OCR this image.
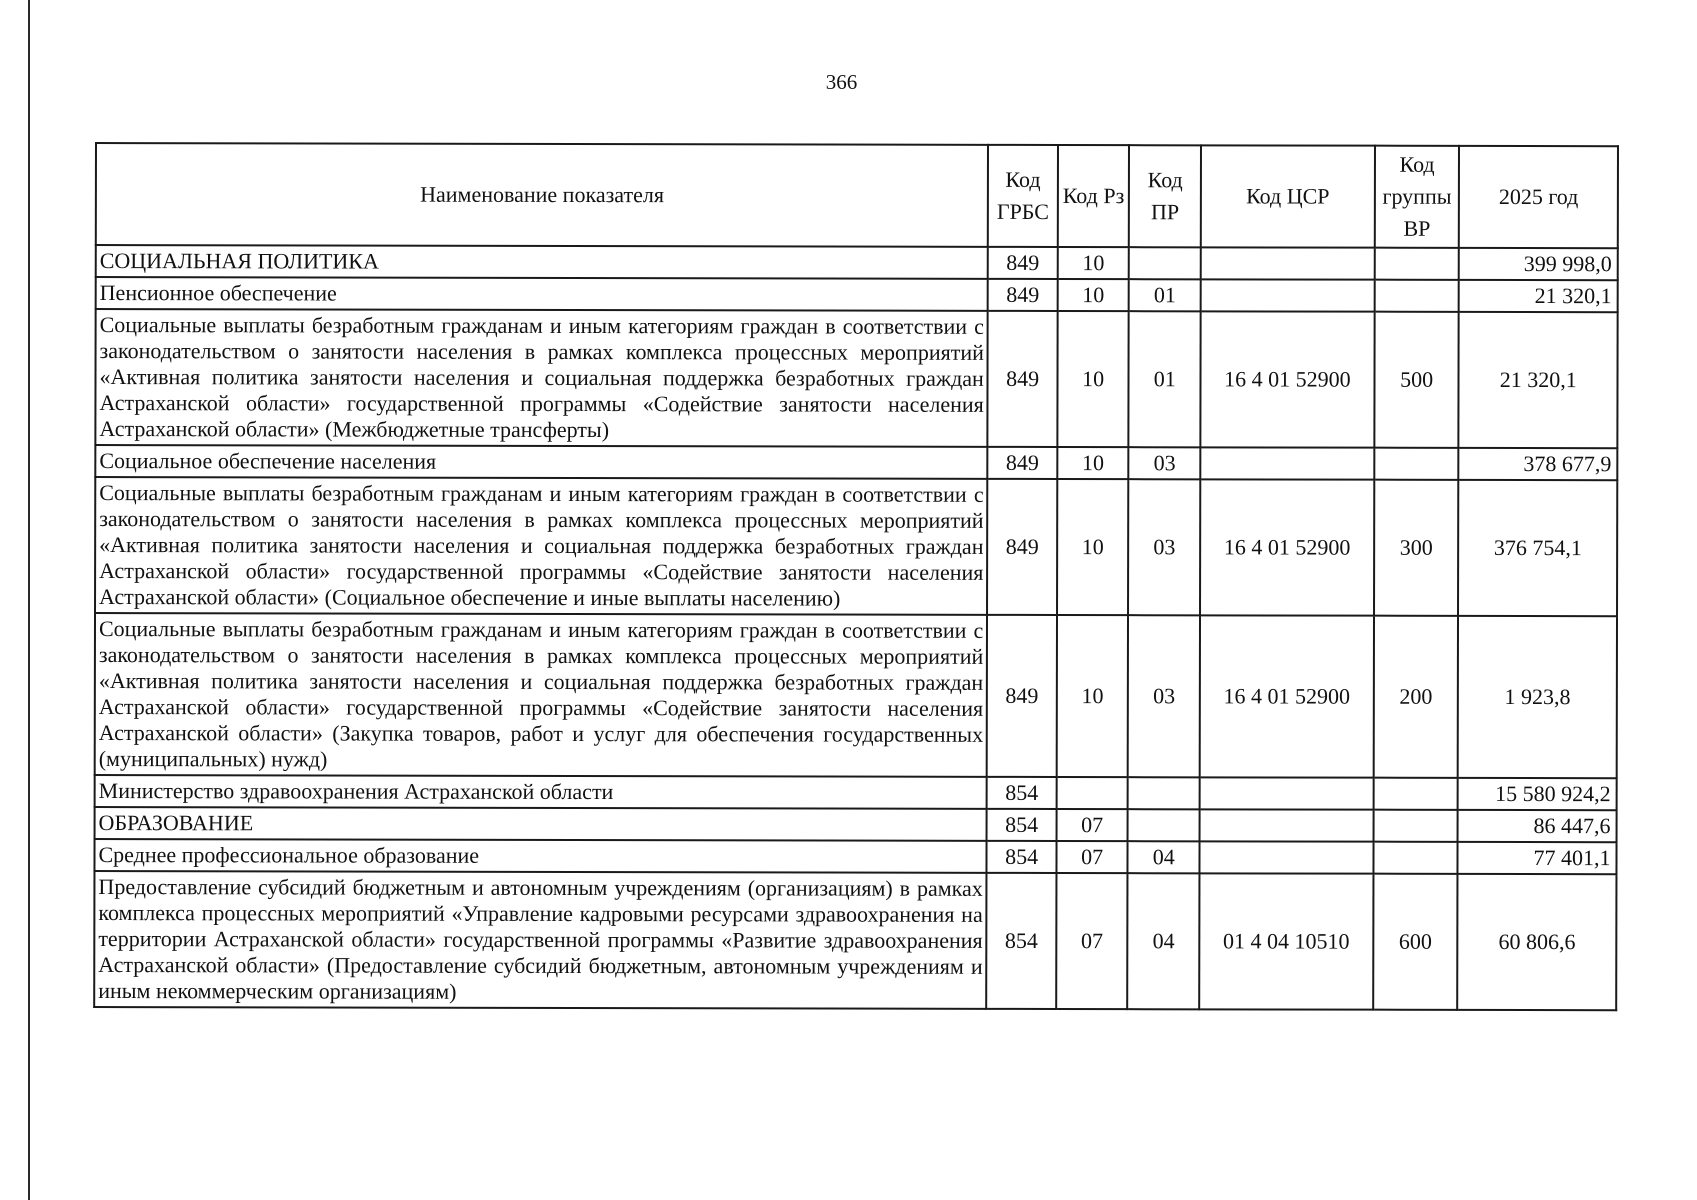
366
Наименование показателя	Код ГРБС	Код Рз	Код ПР	Код ЦСР	Код группы ВР	2025 год
СОЦИАЛЬНАЯ ПОЛИТИКА	849	10				399 998,0
Пенсионное обеспечение	849	10	01			21 320,1
Социальные выплаты безработным гражданам и иным категориям граждан в соответствии с законодательством о занятости населения в рамках комплекса процессных мероприятий «Активная политика занятости населения и социальная поддержка безработных граждан Астраханской области» государственной программы «Содействие занятости населения Астраханской области» (Межбюджетные трансферты)	849	10	01	16 4 01 52900	500	21 320,1
Социальное обеспечение населения	849	10	03			378 677,9
Социальные выплаты безработным гражданам и иным категориям граждан в соответствии с законодательством о занятости населения в рамках комплекса процессных мероприятий «Активная политика занятости населения и социальная поддержка безработных граждан Астраханской области» государственной программы «Содействие занятости населения Астраханской области» (Социальное обеспечение и иные выплаты населению)	849	10	03	16 4 01 52900	300	376 754,1
Социальные выплаты безработным гражданам и иным категориям граждан в соответствии с законодательством о занятости населения в рамках комплекса процессных мероприятий «Активная политика занятости населения и социальная поддержка безработных граждан Астраханской области» государственной программы «Содействие занятости населения Астраханской области» (Закупка товаров, работ и услуг для обеспечения государственных (муниципальных) нужд)	849	10	03	16 4 01 52900	200	1 923,8
Министерство здравоохранения Астраханской области	854					15 580 924,2
ОБРАЗОВАНИЕ	854	07				86 447,6
Среднее профессиональное образование	854	07	04			77 401,1
Предоставление субсидий бюджетным и автономным учреждениям (организациям) в рамках комплекса процессных мероприятий «Управление кадровыми ресурсами здравоохранения на территории Астраханской области» государственной программы «Развитие здравоохранения Астраханской области» (Предоставление субсидий бюджетным, автономным учреждениям и иным некоммерческим организациям)	854	07	04	01 4 04 10510	600	60 806,6
